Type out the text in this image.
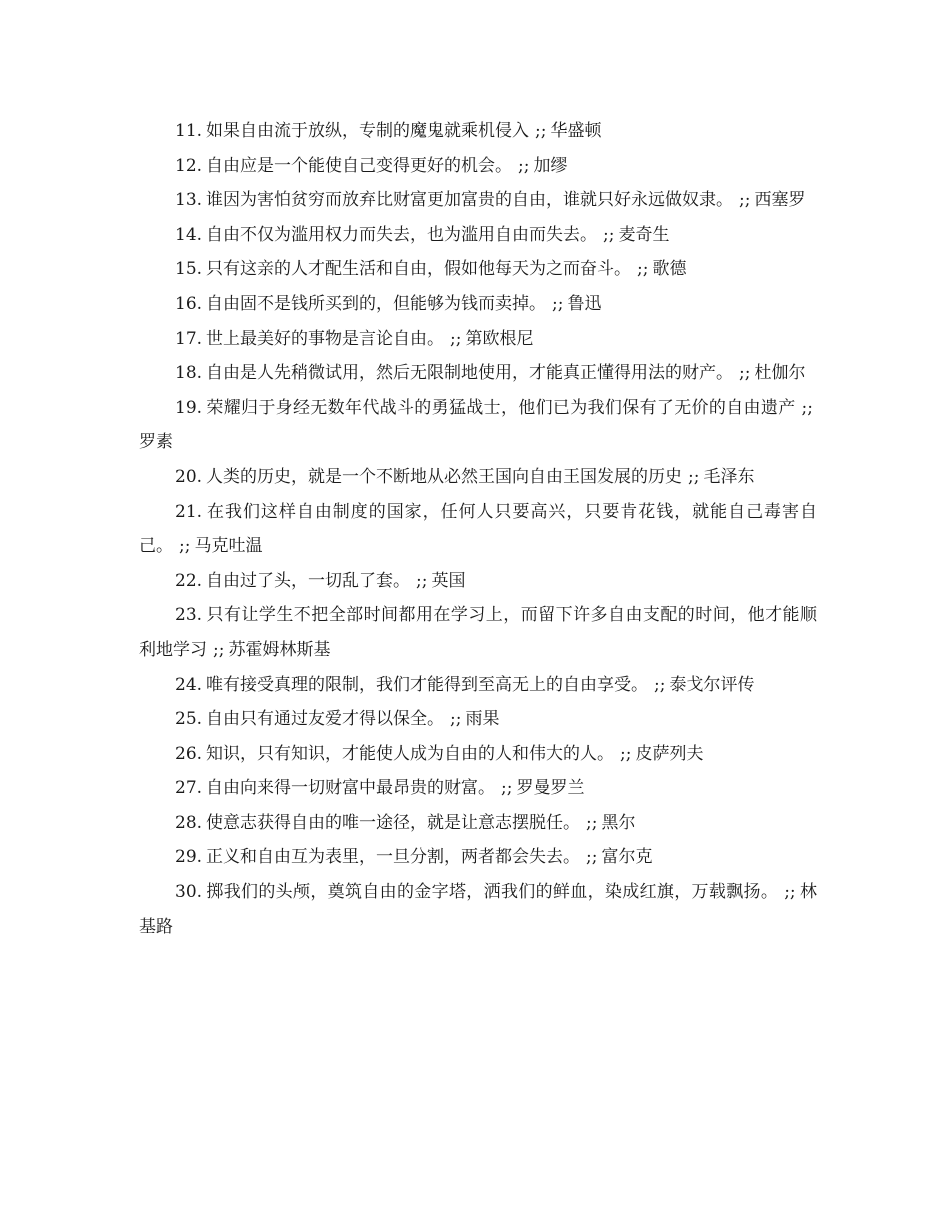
11. 如果自由流于放纵，专制的魔鬼就乘机侵入 ;; 华盛顿

12. 自由应是一个能使自己变得更好的机会。 ;; 加缪

13. 谁因为害怕贫穷而放弃比财富更加富贵的自由，谁就只好永远做奴隶。 ;; 西塞罗

14. 自由不仅为滥用权力而失去，也为滥用自由而失去。 ;; 麦奇生

15. 只有这亲的人才配生活和自由，假如他每天为之而奋斗。 ;; 歌德

16. 自由固不是钱所买到的，但能够为钱而卖掉。 ;; 鲁迅

17. 世上最美好的事物是言论自由。 ;; 第欧根尼

18. 自由是人先稍微试用，然后无限制地使用，才能真正懂得用法的财产。 ;; 杜伽尔

19. 荣耀归于身经无数年代战斗的勇猛战士，他们已为我们保有了无价的自由遗产 ;;罗素

20. 人类的历史，就是一个不断地从必然王国向自由王国发展的历史 ;; 毛泽东

21. 在我们这样自由制度的国家，任何人只要高兴，只要肯花钱，就能自己毒害自己。 ;; 马克吐温

22. 自由过了头，一切乱了套。 ;; 英国

23. 只有让学生不把全部时间都用在学习上，而留下许多自由支配的时间，他才能顺利地学习 ;; 苏霍姆林斯基

24. 唯有接受真理的限制，我们才能得到至高无上的自由享受。 ;; 泰戈尔评传

25. 自由只有通过友爱才得以保全。 ;; 雨果

26. 知识，只有知识，才能使人成为自由的人和伟大的人。 ;; 皮萨列夫

27. 自由向来得一切财富中最昂贵的财富。 ;; 罗曼罗兰

28. 使意志获得自由的唯一途径，就是让意志摆脱任。 ;; 黑尔

29. 正义和自由互为表里，一旦分割，两者都会失去。 ;; 富尔克

30. 掷我们的头颅，奠筑自由的金字塔，洒我们的鲜血，染成红旗，万载飘扬。 ;; 林基路
